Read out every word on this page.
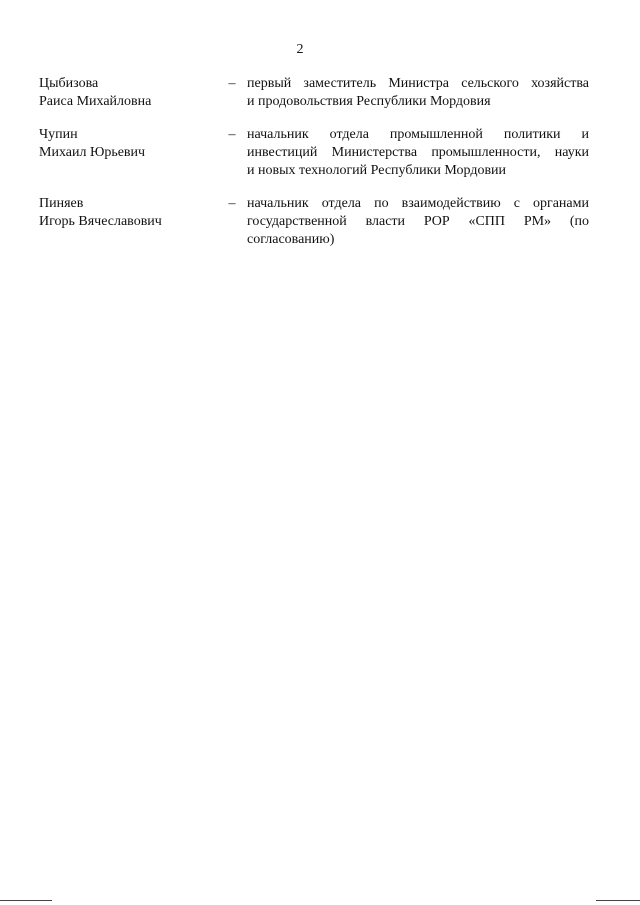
2
Цыбизова
Раиса Михайловна
– первый заместитель Министра сельского хозяйства
и продовольствия Республики Мордовия
Чупин
Михаил Юрьевич
– начальник отдела промышленной политики и
инвестиций Министерства промышленности, науки
и новых технологий Республики Мордовии
Пиняев
Игорь Вячеславович
– начальник отдела по взаимодействию с органами
государственной власти РОР «СПП РМ» (по
согласованию)
